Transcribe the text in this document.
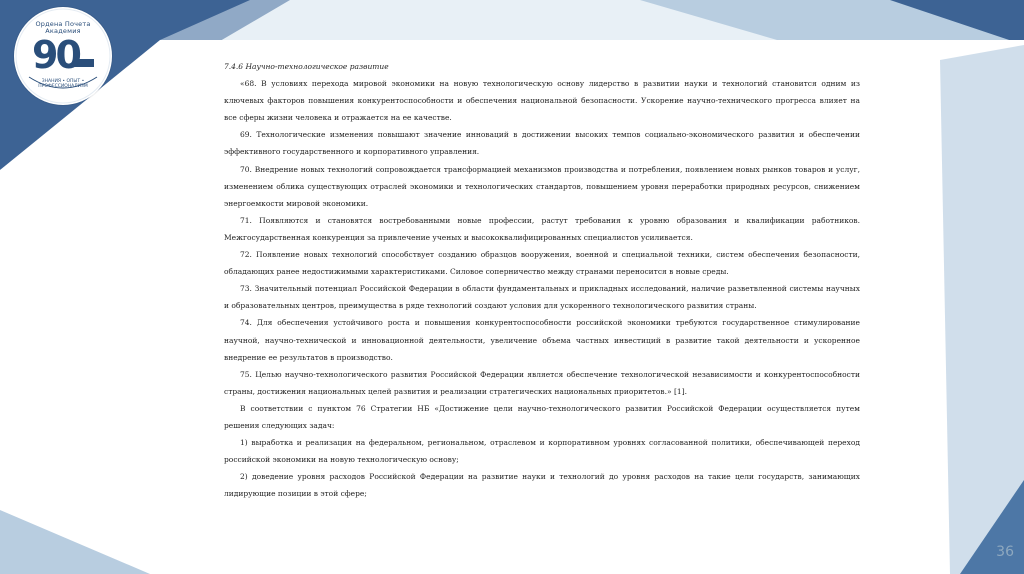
Ордена Почета Академия
90
ЗНАНИЯ • ОПЫТ • ПРОФЕССИОНАЛИЗМ

7.4.6 Научно-технологическое развитие

«68. В условиях перехода мировой экономики на новую технологическую основу лидерство в развитии науки и технологий становится одним из ключевых факторов повышения конкурентоспособности и обеспечения национальной безопасности. Ускорение научно-технического прогресса влияет на все сферы жизни человека и отражается на ее качестве.

69. Технологические изменения повышают значение инноваций в достижении высоких темпов социально-экономического развития и обеспечении эффективного государственного и корпоративного управления.

70. Внедрение новых технологий сопровождается трансформацией механизмов производства и потребления, появлением новых рынков товаров и услуг, изменением облика существующих отраслей экономики и технологических стандартов, повышением уровня переработки природных ресурсов, снижением энергоемкости мировой экономики.

71. Появляются и становятся востребованными новые профессии, растут требования к уровню образования и квалификации работников. Межгосударственная конкуренция за привлечение ученых и высококвалифицированных специалистов усиливается.

72. Появление новых технологий способствует созданию образцов вооружения, военной и специальной техники, систем обеспечения безопасности, обладающих ранее недостижимыми характеристиками. Силовое соперничество между странами переносится в новые среды.

73. Значительный потенциал Российской Федерации в области фундаментальных и прикладных исследований, наличие разветвленной системы научных и образовательных центров, преимущества в ряде технологий создают условия для ускоренного технологического развития страны.

74. Для обеспечения устойчивого роста и повышения конкурентоспособности российской экономики требуются государственное стимулирование научной, научно-технической и инновационной деятельности, увеличение объема частных инвестиций в развитие такой деятельности и ускоренное внедрение ее результатов в производство.

75. Целью научно-технологического развития Российской Федерации является обеспечение технологической независимости и конкурентоспособности страны, достижения национальных целей развития и реализации стратегических национальных приоритетов.» [1].

В соответствии с пунктом 76 Стратегии НБ «Достижение цели научно-технологического развития Российской Федерации осуществляется путем решения следующих задач:

1) выработка и реализация на федеральном, региональном, отраслевом и корпоративном уровнях согласованной политики, обеспечивающей переход российской экономики на новую технологическую основу;

2) доведение уровня расходов Российской Федерации на развитие науки и технологий до уровня расходов на такие цели государств, занимающих лидирующие позиции в этой сфере;

36
